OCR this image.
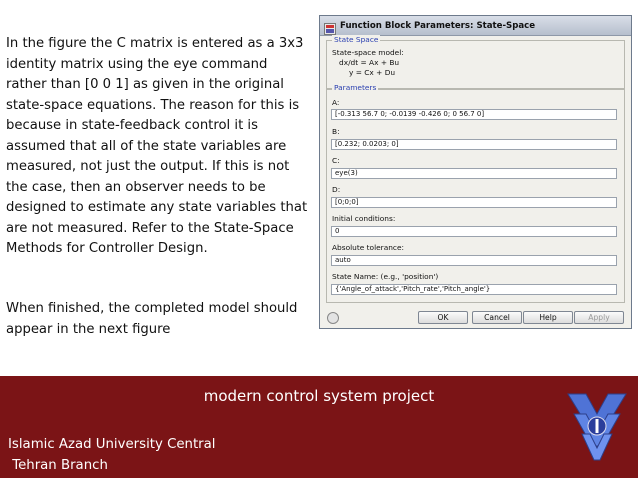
In the figure the C matrix is entered as a 3x3 identity matrix using the eye command rather than [0 0 1] as given in the original state-space equations. The reason for this is because in state-feedback control it is assumed that all of the state variables are measured, not just the output. If this is not the case, then an observer needs to be designed to estimate any state variables that are not measured. Refer to the State-Space Methods for Controller Design.
When finished, the completed model should appear in the next figure
Function Block Parameters: State-Space
State Space
State-space model:
dx/dt = Ax + Bu
y = Cx + Du
Parameters
A:
[-0.313 56.7 0; -0.0139 -0.426 0; 0 56.7 0]
B:
[0.232; 0.0203; 0]
C:
eye(3)
D:
[0;0;0]
Initial conditions:
0
Absolute tolerance:
auto
State Name: (e.g., 'position')
{'Angle_of_attack','Pitch_rate','Pitch_angle'}
OK	Cancel	Help	Apply
modern control system project
Islamic Azad University Central
Tehran Branch
